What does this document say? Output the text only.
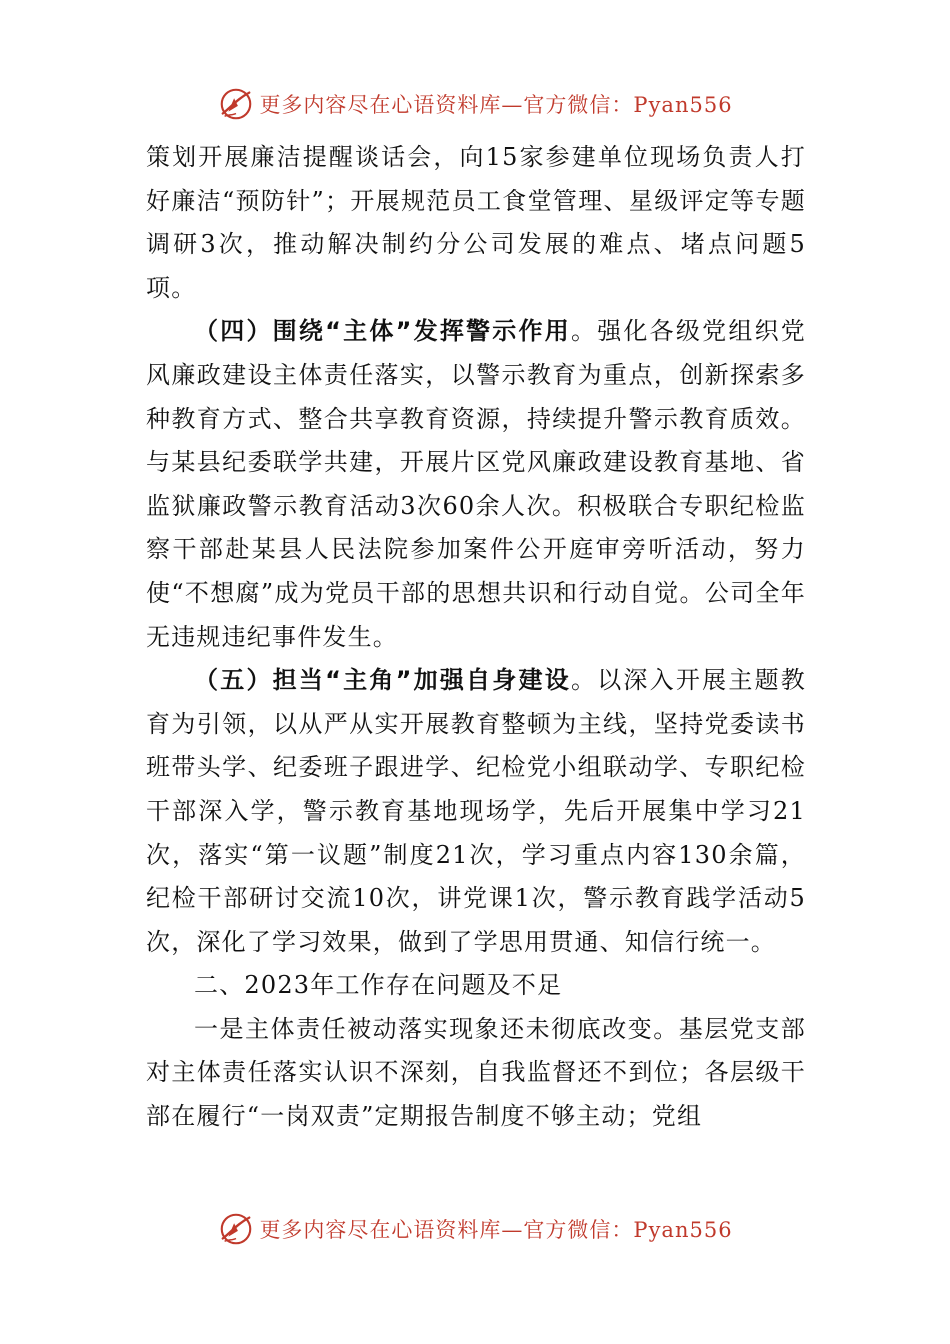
更多内容尽在心语资料库—官方微信：Pyan556

策划开展廉洁提醒谈话会，向15家参建单位现场负责人打好廉洁“预防针”；开展规范员工食堂管理、星级评定等专题调研3次，推动解决制约分公司发展的难点、堵点问题5项。

（四）围绕“主体”发挥警示作用。强化各级党组织党风廉政建设主体责任落实，以警示教育为重点，创新探索多种教育方式、整合共享教育资源，持续提升警示教育质效。与某县纪委联学共建，开展片区党风廉政建设教育基地、省监狱廉政警示教育活动3次60余人次。积极联合专职纪检监察干部赴某县人民法院参加案件公开庭审旁听活动，努力使“不想腐”成为党员干部的思想共识和行动自觉。公司全年无违规违纪事件发生。

（五）担当“主角”加强自身建设。以深入开展主题教育为引领，以从严从实开展教育整顿为主线，坚持党委读书班带头学、纪委班子跟进学、纪检党小组联动学、专职纪检干部深入学，警示教育基地现场学，先后开展集中学习21次，落实“第一议题”制度21次，学习重点内容130余篇，纪检干部研讨交流10次，讲党课1次，警示教育践学活动5次，深化了学习效果，做到了学思用贯通、知信行统一。

二、2023年工作存在问题及不足

一是主体责任被动落实现象还未彻底改变。基层党支部对主体责任落实认识不深刻，自我监督还不到位；各层级干部在履行“一岗双责”定期报告制度不够主动；党组

更多内容尽在心语资料库—官方微信：Pyan556
